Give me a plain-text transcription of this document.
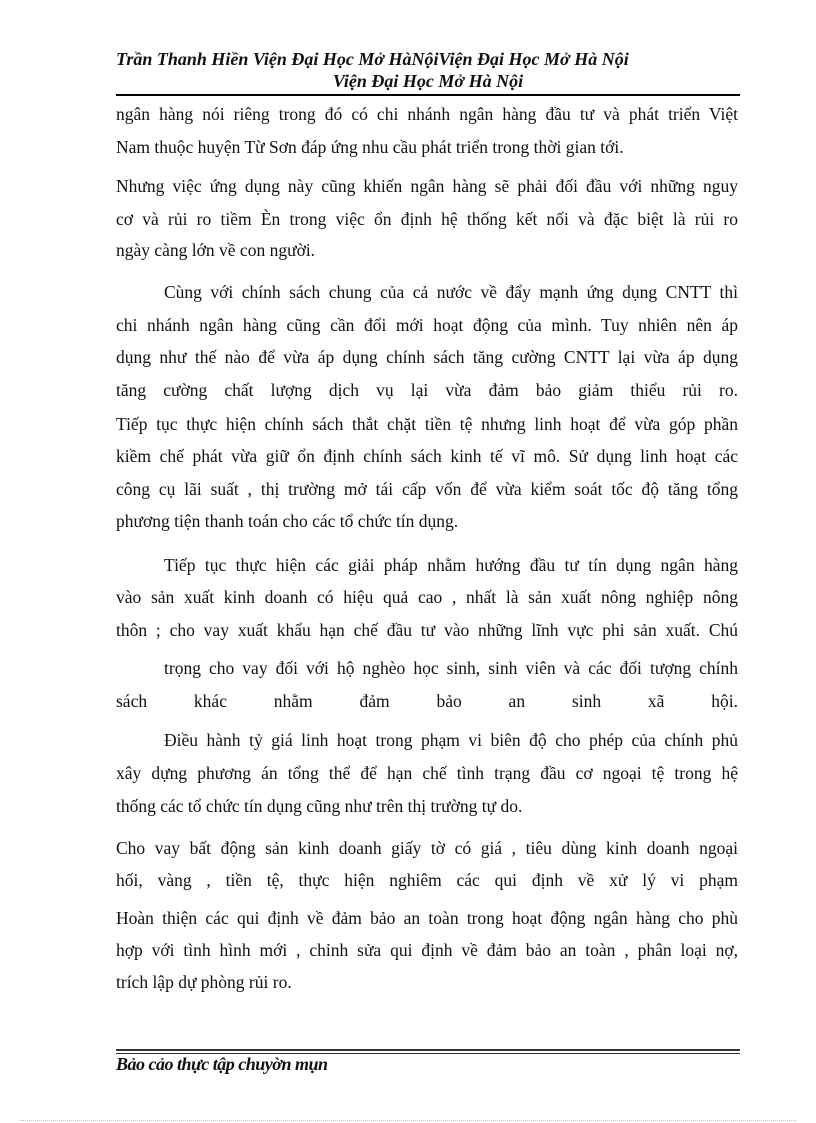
Trần Thanh Hiền Viện Đại Học Mở HàNộiViện Đại Học Mở Hà Nội
Viện Đại Học Mở Hà Nội
ngân hàng nói riêng trong đó có chi nhánh ngân hàng đầu tư và phát triển Việt
Nam thuộc huyện Từ Sơn đáp ứng nhu cầu phát triển trong thời gian tới.
Nhưng việc ứng dụng này cũng khiến ngân hàng sẽ phải đối đầu với những nguy
cơ và rủi ro tiềm Èn trong việc ổn định hệ thống kết nối và đặc biệt là rủi ro
ngày càng lớn về con người.
Cùng với chính sách chung của cả nước về đẩy mạnh ứng dụng CNTT thì
chi nhánh ngân hàng cũng cần đổi mới hoạt động của mình. Tuy nhiên nên áp
dụng như thế nào để vừa áp dụng chính sách tăng cường CNTT lại vừa áp dụng
tăng cường chất lượng dịch vụ lại vừa đảm bảo giảm thiểu rủi ro.
Tiếp tục thực hiện chính sách thắt chặt tiền tệ nhưng linh hoạt để vừa góp phần
kiềm chế phát vừa giữ ổn định chính sách kinh tế vĩ mô. Sử dụng linh hoạt các
công cụ lãi suất , thị trường mở tái cấp vốn để vừa kiểm soát tốc độ tăng tổng
phương tiện thanh toán cho các tổ chức tín dụng.
Tiếp tục thực hiện các giải pháp nhằm hướng đầu tư tín dụng ngân hàng
vào sản xuất kinh doanh có hiệu quả cao , nhất là sản xuất nông nghiệp nông
thôn ; cho vay xuất khẩu hạn chế đầu tư vào những lĩnh vực phi sản xuất. Chú
trọng cho vay đối với hộ nghèo học sinh, sinh viên và các đối tượng chính
sách khác nhằm đảm bảo an sinh xã hội.
Điều hành tỷ giá linh hoạt trong phạm vi biên độ cho phép của chính phủ
xây dựng phương án tổng thể để hạn chế tình trạng đầu cơ ngoại tệ trong hệ
thống các tổ chức tín dụng cũng như trên thị trường tự do.
Cho vay bất động sản kinh doanh giấy tờ có giá , tiêu dùng kinh doanh ngoại
hối, vàng , tiền tệ, thực hiện nghiêm các qui định về xử lý vi phạm
Hoàn thiện các qui định về đảm bảo an toàn trong hoạt động ngân hàng cho phù
hợp với tình hình mới , chỉnh sửa qui định về đảm bảo an toàn , phân loại nợ,
trích lập dự phòng rủi ro.
Bảo cảo thực tập chuyờn mụn
